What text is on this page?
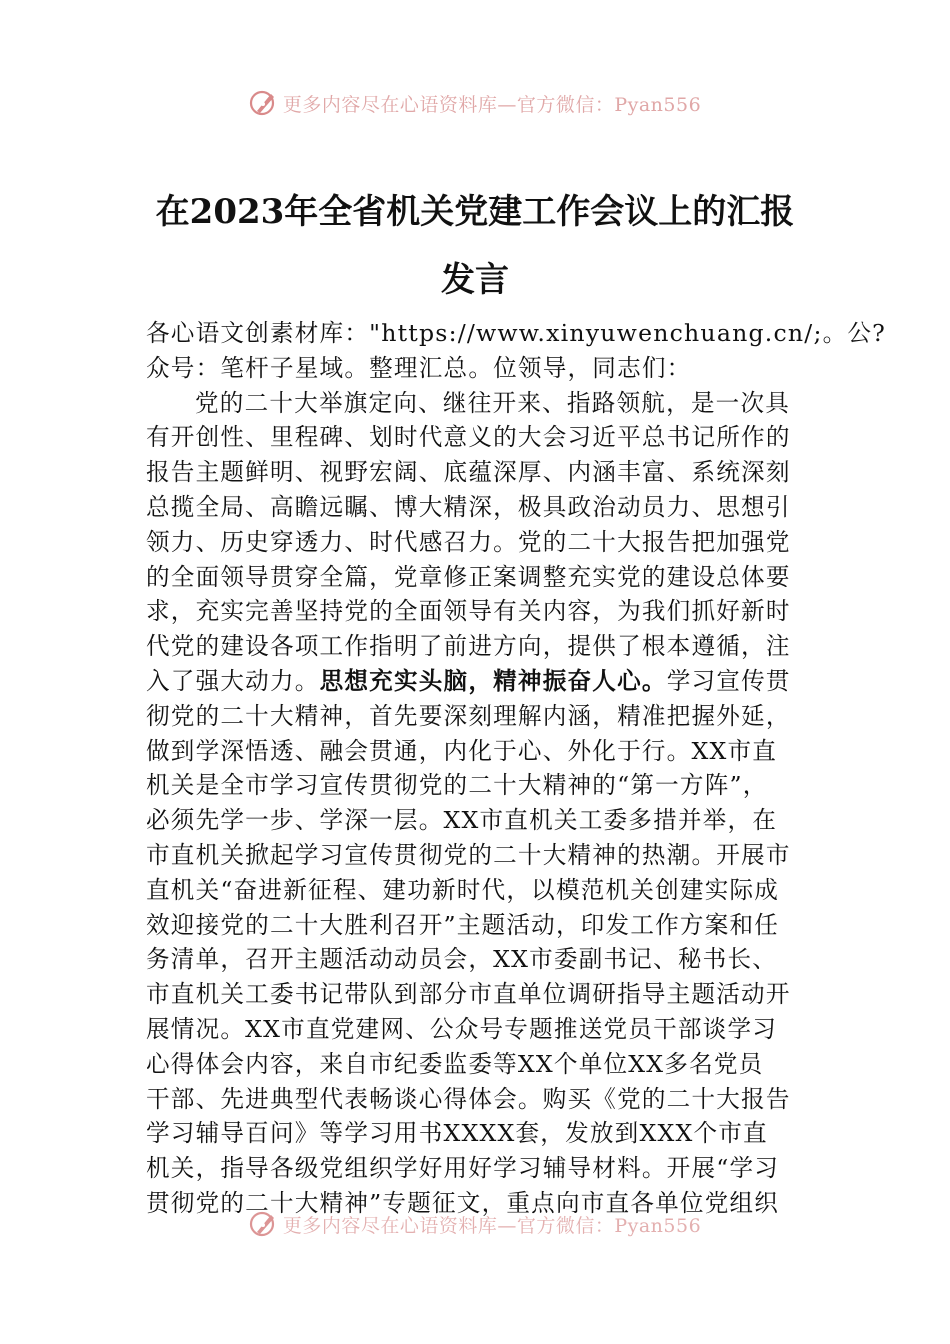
更多内容尽在心语资料库—官方微信：Pyan556
在2023年全省机关党建工作会议上的汇报
发言
各心语文创素材库："https://www.xinyuwenchuang.cn/;。公?
众号：笔杆子星域。整理汇总。位领导，同志们：
党的二十大举旗定向、继往开来、指路领航，是一次具
有开创性、里程碑、划时代意义的大会习近平总书记所作的
报告主题鲜明、视野宏阔、底蕴深厚、内涵丰富、系统深刻
总揽全局、高瞻远瞩、博大精深，极具政治动员力、思想引
领力、历史穿透力、时代感召力。党的二十大报告把加强党
的全面领导贯穿全篇，党章修正案调整充实党的建设总体要
求，充实完善坚持党的全面领导有关内容，为我们抓好新时
代党的建设各项工作指明了前进方向，提供了根本遵循，注
入了强大动力。思想充实头脑，精神振奋人心。学习宣传贯
彻党的二十大精神，首先要深刻理解内涵，精准把握外延，
做到学深悟透、融会贯通，内化于心、外化于行。XX市直
机关是全市学习宣传贯彻党的二十大精神的“第一方阵”，
必须先学一步、学深一层。XX市直机关工委多措并举，在
市直机关掀起学习宣传贯彻党的二十大精神的热潮。开展市
直机关“奋进新征程、建功新时代，以模范机关创建实际成
效迎接党的二十大胜利召开”主题活动，印发工作方案和任
务清单，召开主题活动动员会，XX市委副书记、秘书长、
市直机关工委书记带队到部分市直单位调研指导主题活动开
展情况。XX市直党建网、公众号专题推送党员干部谈学习
心得体会内容，来自市纪委监委等XX个单位XX多名党员
干部、先进典型代表畅谈心得体会。购买《党的二十大报告
学习辅导百问》等学习用书XXXX套，发放到XXX个市直
机关，指导各级党组织学好用好学习辅导材料。开展“学习
贯彻党的二十大精神”专题征文，重点向市直各单位党组织
更多内容尽在心语资料库—官方微信：Pyan556
